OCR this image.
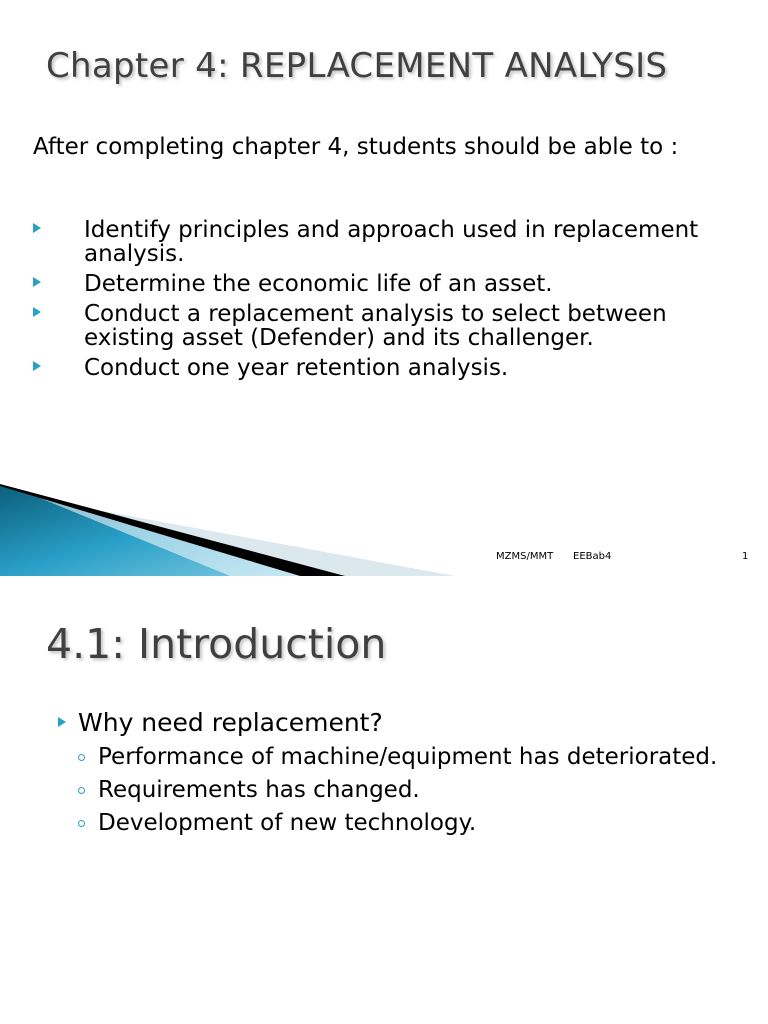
Chapter 4: REPLACEMENT ANALYSIS

After completing chapter 4, students should be able to :

Identify principles and approach used in replacement analysis.
Determine the economic life of an asset.
Conduct a replacement analysis to select between existing asset (Defender) and its challenger.
Conduct one year retention analysis.
MZMS/MMT EEBab4	1
4.1: Introduction
Why need replacement?
Performance of machine/equipment has deteriorated.
Requirements has changed.
Development of new technology.
